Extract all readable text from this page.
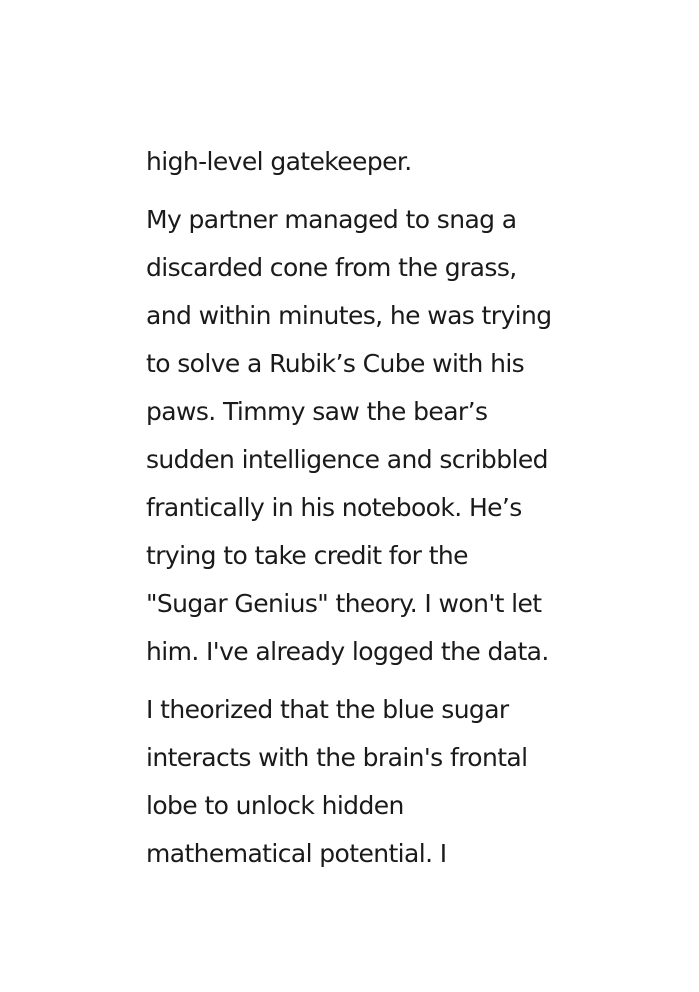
high-level gatekeeper.

My partner managed to snag a
discarded cone from the grass,
and within minutes, he was trying
to solve a Rubik’s Cube with his
paws. Timmy saw the bear’s
sudden intelligence and scribbled
frantically in his notebook. He’s
trying to take credit for the
"Sugar Genius" theory. I won't let
him. I've already logged the data.

I theorized that the blue sugar
interacts with the brain's frontal
lobe to unlock hidden
mathematical potential. I
